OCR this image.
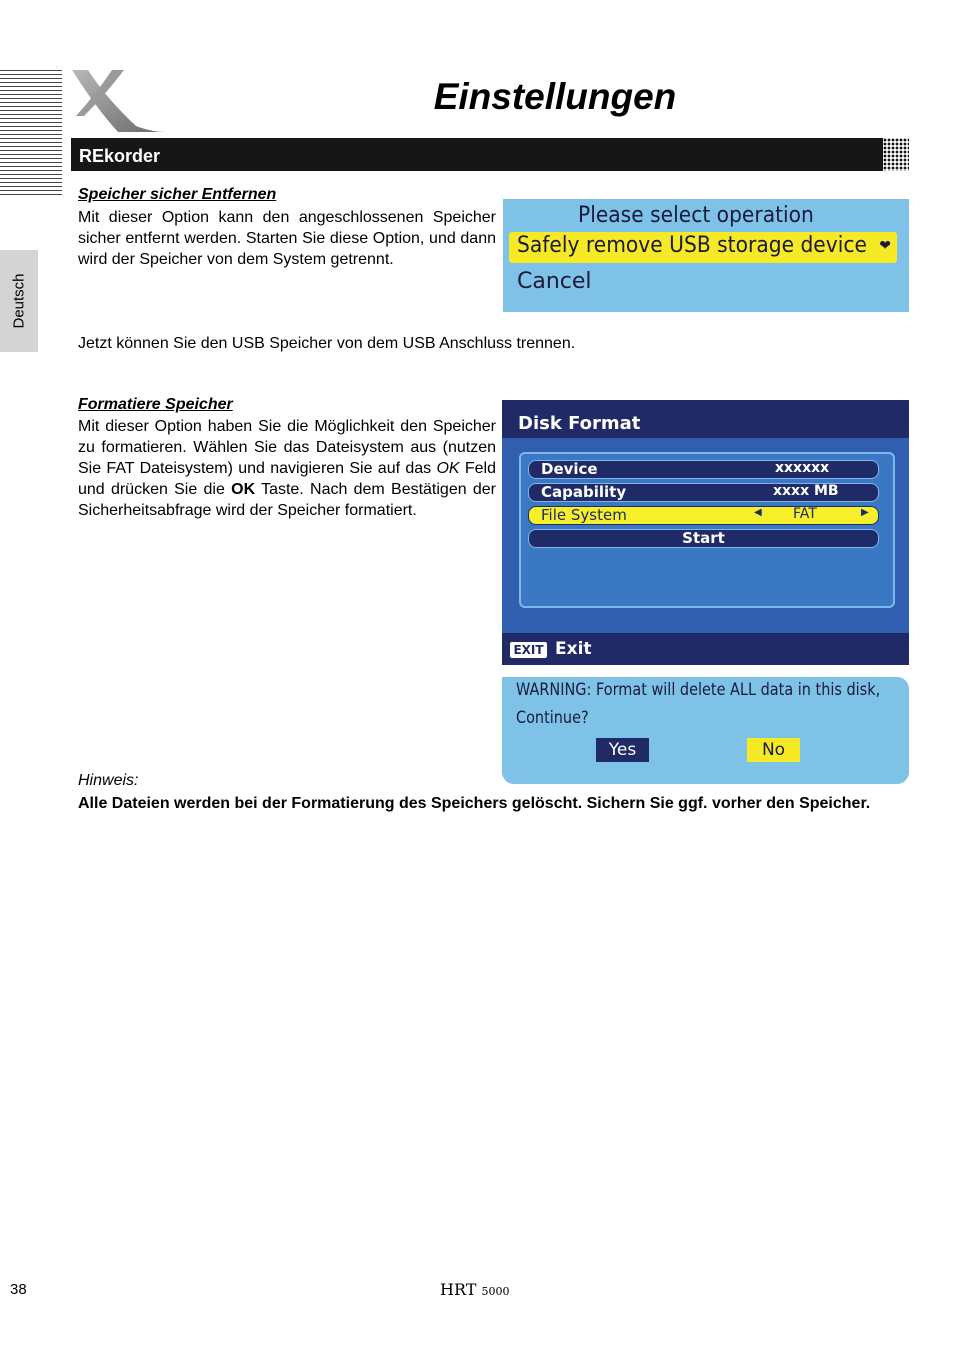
Deutsch
Einstellungen
REkorder
Speicher sicher Entfernen
Mit dieser Option kann den angeschlossenen Speicher sicher entfernt werden. Starten Sie diese Option, und dann wird der Speicher von dem System getrennt.
Please select operation
Safely remove USB storage device ❤
Cancel
Jetzt können Sie den USB Speicher von dem USB Anschluss trennen.
Formatiere Speicher
Mit dieser Option haben Sie die Möglichkeit den Speicher zu formatieren. Wählen Sie das Dateisystem aus (nutzen Sie FAT Dateisystem) und navigieren Sie auf das OK Feld und drücken Sie die OK Taste. Nach dem Bestätigen der Sicherheitsabfrage wird der Speicher formatiert.
Disk Format
Device	xxxxxx
Capability	xxxx MB
File System	◀ FAT	▶
Start
EXIT Exit
WARNING: Format will delete ALL data in this disk,
Continue?
Yes	No
Hinweis:
Alle Dateien werden bei der Formatierung des Speichers gelöscht. Sichern Sie ggf. vorher den Speicher.
38	HRT 5000
